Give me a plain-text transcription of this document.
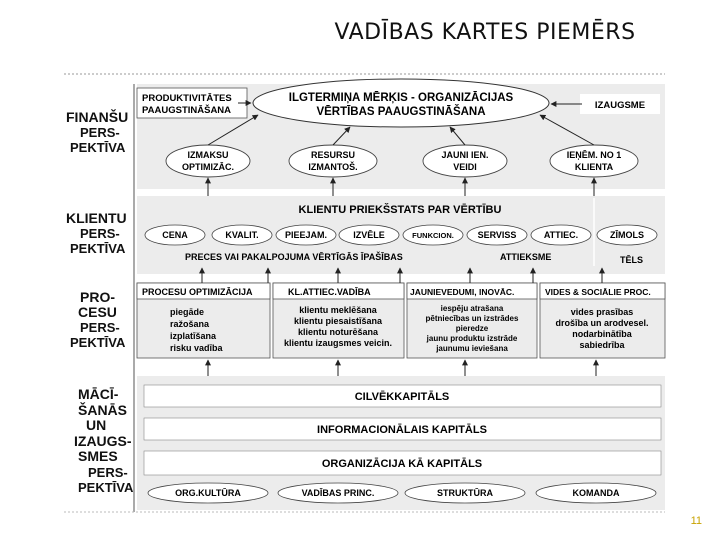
VADĪBAS KARTES PIEMĒRS
FINANŠU
PERS-
PEKTĪVA
KLIENTU
PERS-
PEKTĪVA
PRO-
CESU
PERS-
PEKTĪVA
MĀCĪ-
ŠANĀS
UN
IZAUGS-
SMES
PERS-
PEKTĪVA
PRODUKTIVITĀTES
PAAUGSTINĀŠANA
ILGTERMIŅA MĒRĶIS - ORGANIZĀCIJAS
VĒRTĪBAS PAAUGSTINĀŠANA
IZAUGSME
IZMAKSU
OPTIMIZĀC.
RESURSU
IZMANTOŠ.
JAUNI IEN.
VEIDI
IEŅĒM. NO 1
KLIENTA
KLIENTU PRIEKŠSTATS PAR VĒRTĪBU
CENA	KVALIT.	PIEEJAM.	IZVĒLE	FUNKCION.	SERVISS	ATTIEC.	ZĪMOLS
PRECES VAI PAKALPOJUMA VĒRTĪGĀS ĪPAŠĪBAS	ATTIEKSME	TĒLS
PROCESU OPTIMIZĀCIJA	KL.ATTIEC.VADĪBA	JAUNIEVEDUMI, INOVĀC.	VIDES & SOCIĀLIE PROC.
piegāde
ražošana
izplatīšana
risku vadība
klientu meklēšana
klientu piesaistīšana
klientu noturēšana
klientu izaugsmes veicin.
iespēju atrašana
pētniecības un izstrādes
pieredze
jaunu produktu izstrāde
jaunumu ieviešana
vides prasības
drošība un arodvesel.
nodarbinātība
sabiedrība
CILVĒKKAPITĀLS
INFORMACIONĀLAIS KAPITĀLS
ORGANIZĀCIJA KĀ KAPITĀLS
ORG.KULTŪRA	VADĪBAS PRINC.	STRUKTŪRA	KOMANDA
11
